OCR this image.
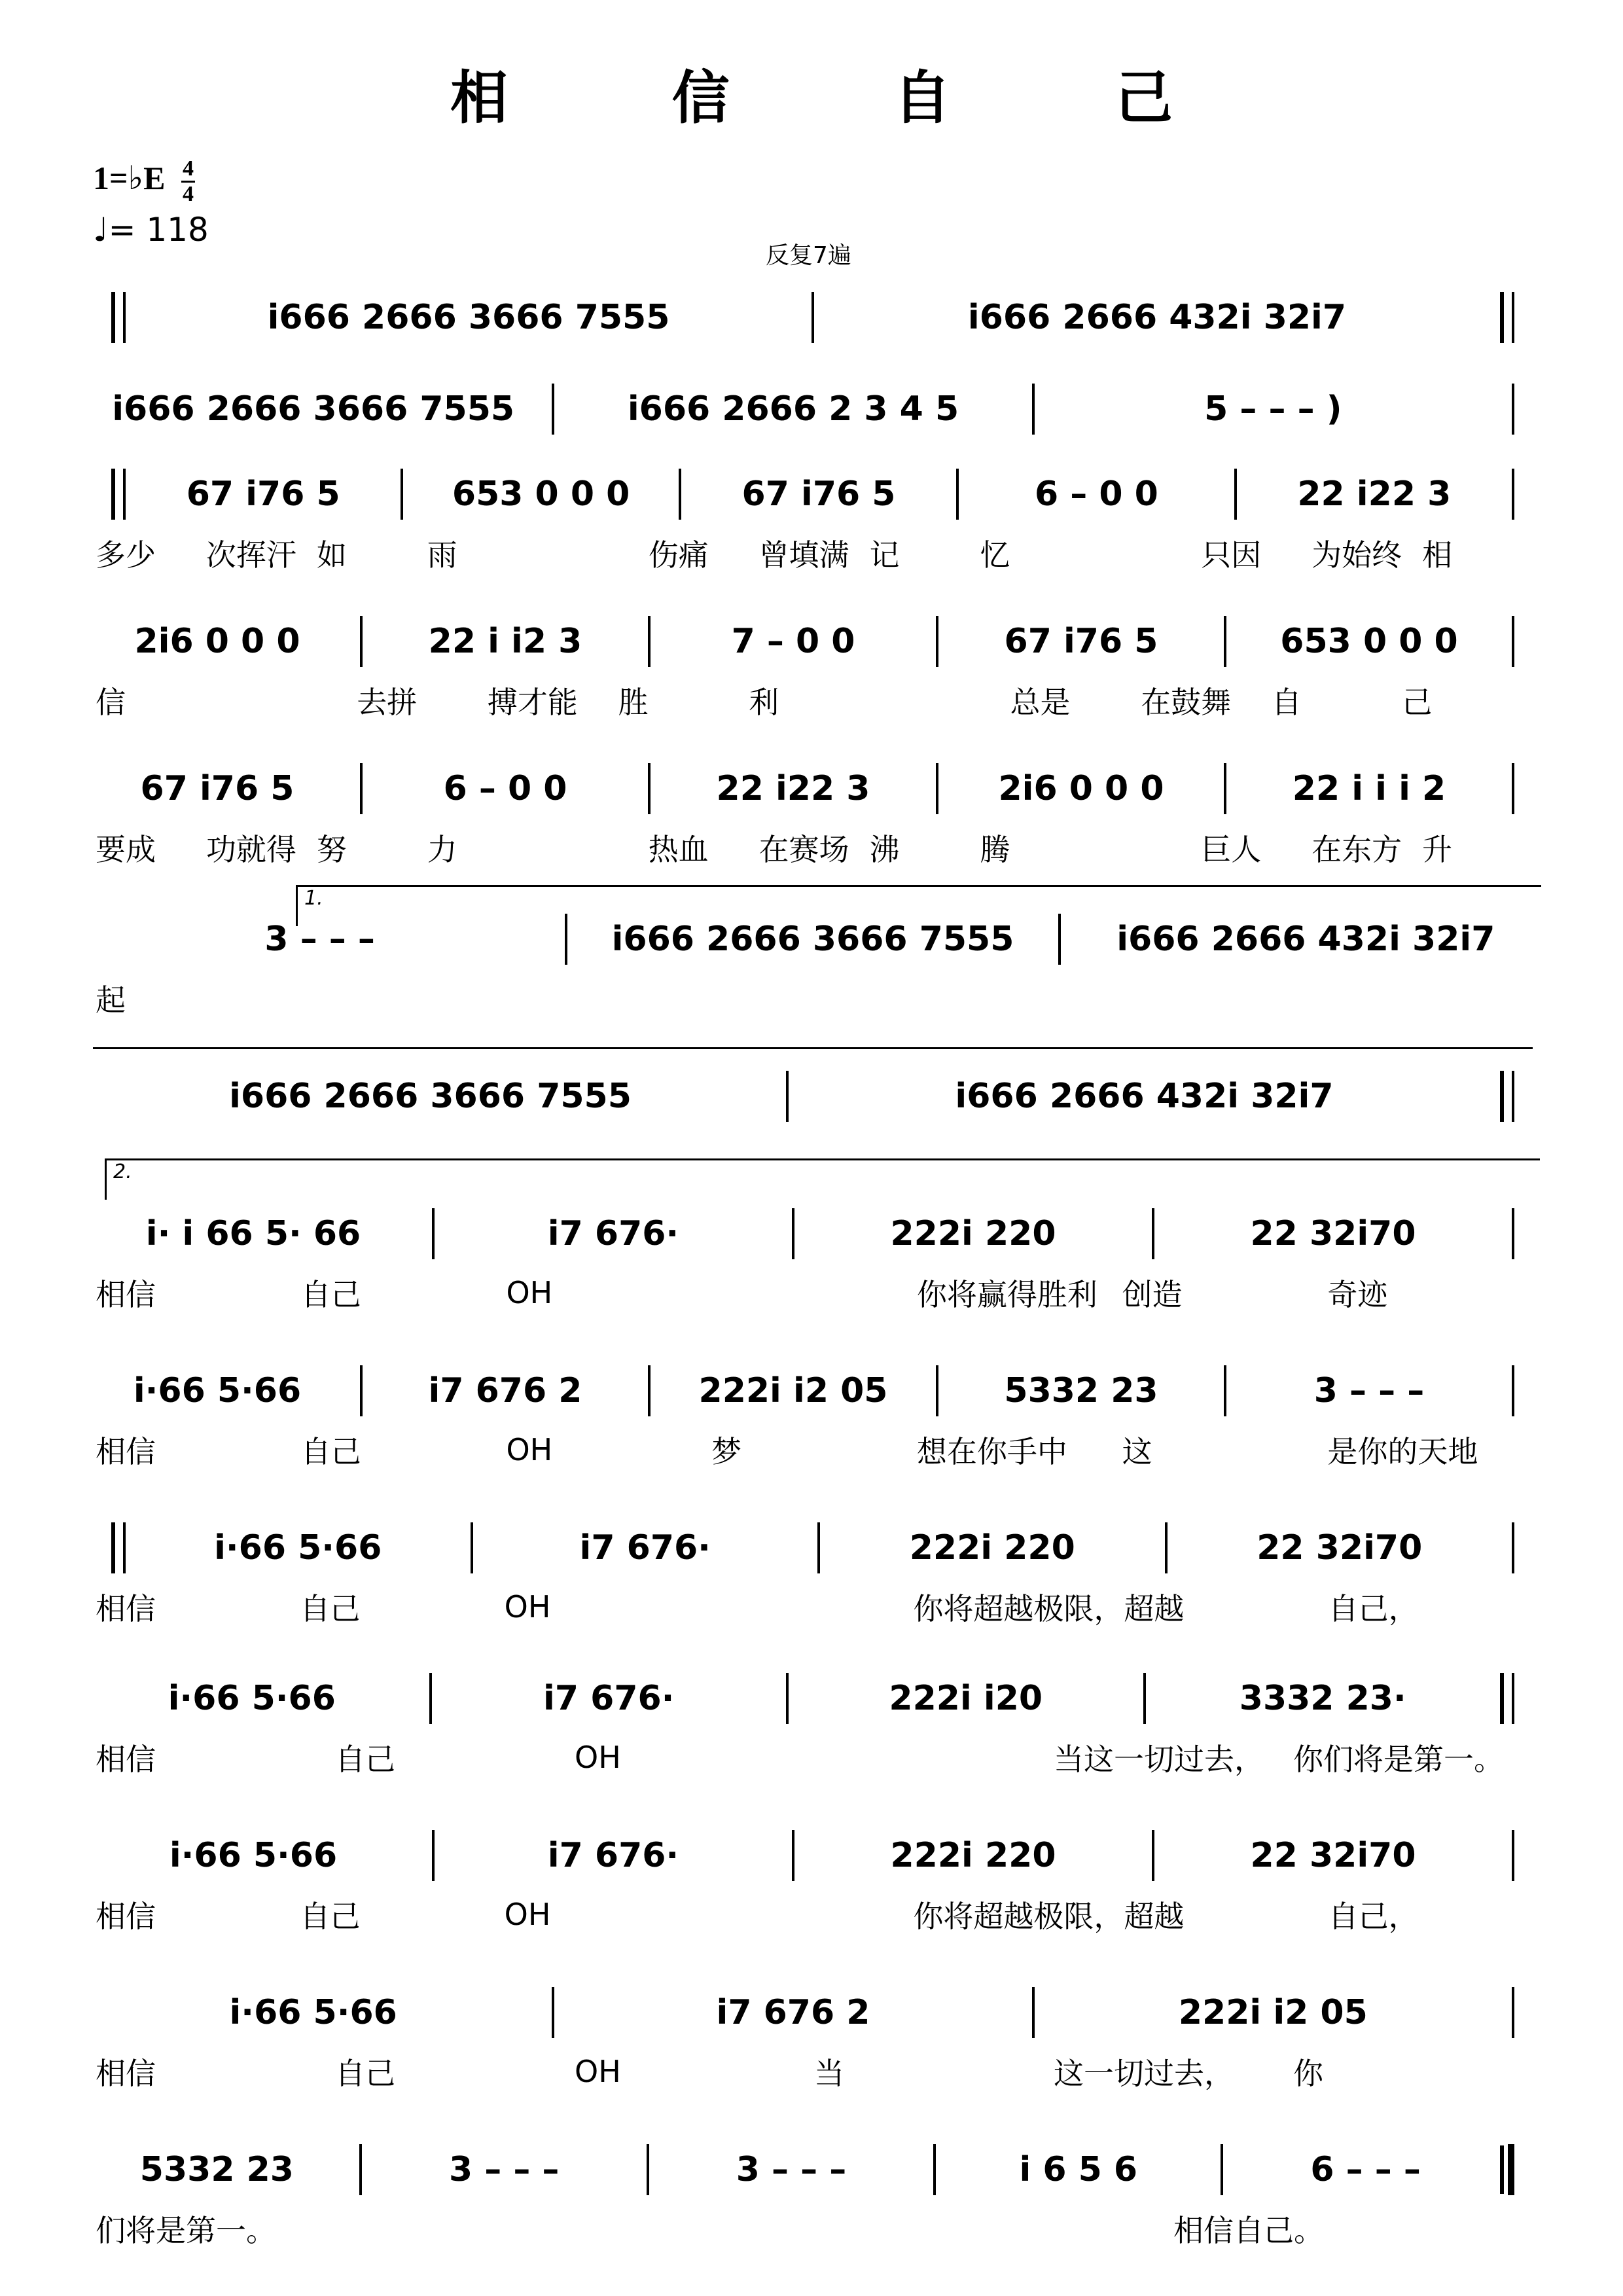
相 信 自 己
1=♭E $\frac{4}{4}$
♩= 118
反复7遍
i666 2666 3666 7555	i666 2666 432i 32i7
i666 2666 3666 7555	i666 2666 2 3 4 5	5 – – – )
67 i76 5	653 0 0 0	67 i76 5	6 – 0 0	22 i22 3
多少	次挥汗 如	雨	伤痛	曾填满 记	忆	只因	为始终 相
2i6 0 0 0	22 i i2 3	7 – 0 0	67 i76 5	653 0 0 0
信	去拼	搏才能	胜	利	总是	在鼓舞	自	己
67 i76 5	6 – 0 0	22 i22 3	2i6 0 0 0	22 i i i 2
要成	功就得 努	力	热血	在赛场 沸	腾	巨人	在东方 升
3 – – –	i666 2666 3666 7555	i666 2666 432i 32i7
起
i666 2666 3666 7555	i666 2666 432i 32i7
i· i 66 5· 66	i7 676·	222i 220	22 32i70
相信	自己	OH	你将赢得胜利 创造	奇迹
i·66 5·66	i7 676 2	222i i2 05	5332 23	3 – – –
相信	自己	OH	梦	想在你手中	这	是你的天地
i·66 5·66	i7 676·	222i 220	22 32i70
相信	自己	OH	你将超越极限， 超越	自己，
i·66 5·66	i7 676·	222i i20	3332 23·
相信	自己	OH	当这一切过去， 你们将是第一。
i·66 5·66	i7 676·	222i 220	22 32i70
相信	自己	OH	你将超越极限， 超越	自己，
i·66 5·66	i7 676 2	222i i2 05
相信	自己	OH	当	这一切过去，	你
5332 23	3 – – –	3 – – –	i 6 5 6	6 – – –
们将是第一。	相信自己。
1.
2.
